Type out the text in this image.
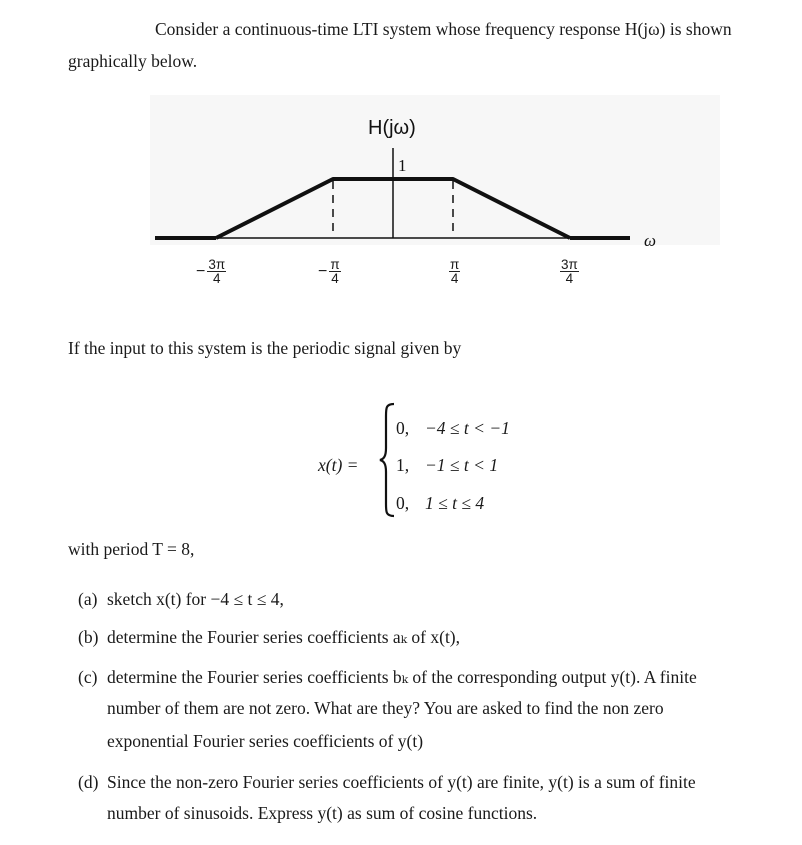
Consider a continuous-time LTI system whose frequency response H(jω) is shown
graphically below.
1
H(jω)
ω
− $\frac{3\pi}{4}$	− $\frac{\pi}{4}$	$\frac{\pi}{4}$	$\frac{3\pi}{4}$
If the input to this system is the periodic signal given by
x(t) =
0, −4 ≤ t < −1
1, −1 ≤ t < 1
0, 1 ≤ t ≤ 4
with period T = 8,
(a) sketch x(t) for −4 ≤ t ≤ 4,
(b) determine the Fourier series coefficients aₖ of x(t),
(c) determine the Fourier series coefficients bₖ of the corresponding output y(t). A finite
number of them are not zero. What are they? You are asked to find the non zero
exponential Fourier series coefficients of y(t)
(d) Since the non-zero Fourier series coefficients of y(t) are finite, y(t) is a sum of finite
number of sinusoids. Express y(t) as sum of cosine functions.
